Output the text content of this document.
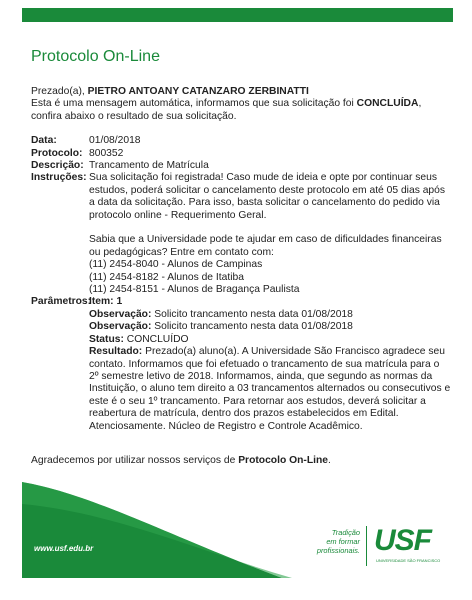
Protocolo On-Line

Prezado(a), PIETRO ANTOANY CATANZARO ZERBINATTI

Esta é uma mensagem automática, informamos que sua solicitação foi CONCLUÍDA,
confira abaixo o resultado de sua solicitação.

Data:	01/08/2018
Protocolo: 800352
Descrição: Trancamento de Matrícula
Instruções: Sua solicitação foi registrada! Caso mude de ideia e opte por continuar seus estudos, poderá solicitar o cancelamento deste protocolo em até 05 dias após a data da solicitação. Para isso, basta solicitar o cancelamento do pedido via protocolo online - Requerimento Geral.
Sabia que a Universidade pode te ajudar em caso de dificuldades financeiras ou pedagógicas? Entre em contato com:
(11) 2454-8040 - Alunos de Campinas
(11) 2454-8182 - Alunos de Itatiba
(11) 2454-8151 - Alunos de Bragança Paulista
Parâmetros:
Item: 1
Observação: Solicito trancamento nesta data 01/08/2018
Observação: Solicito trancamento nesta data 01/08/2018
Status: CONCLUÍDO
Resultado: Prezado(a) aluno(a). A Universidade São Francisco agradece seu contato. Informamos que foi efetuado o trancamento de sua matrícula para o 2º semestre letivo de 2018. Informamos, ainda, que segundo as normas da Instituição, o aluno tem direito a 03 trancamentos alternados ou consecutivos e este é o seu 1º trancamento. Para retornar aos estudos, deverá solicitar a reabertura de matrícula, dentro dos prazos estabelecidos em Edital. Atenciosamente. Núcleo de Registro e Controle Acadêmico.

Agradecemos por utilizar nossos serviços de Protocolo On-Line.

www.usf.edu.br
Tradição
em formar
profissionais. USF
UNIVERSIDADE SÃO FRANCISCO
